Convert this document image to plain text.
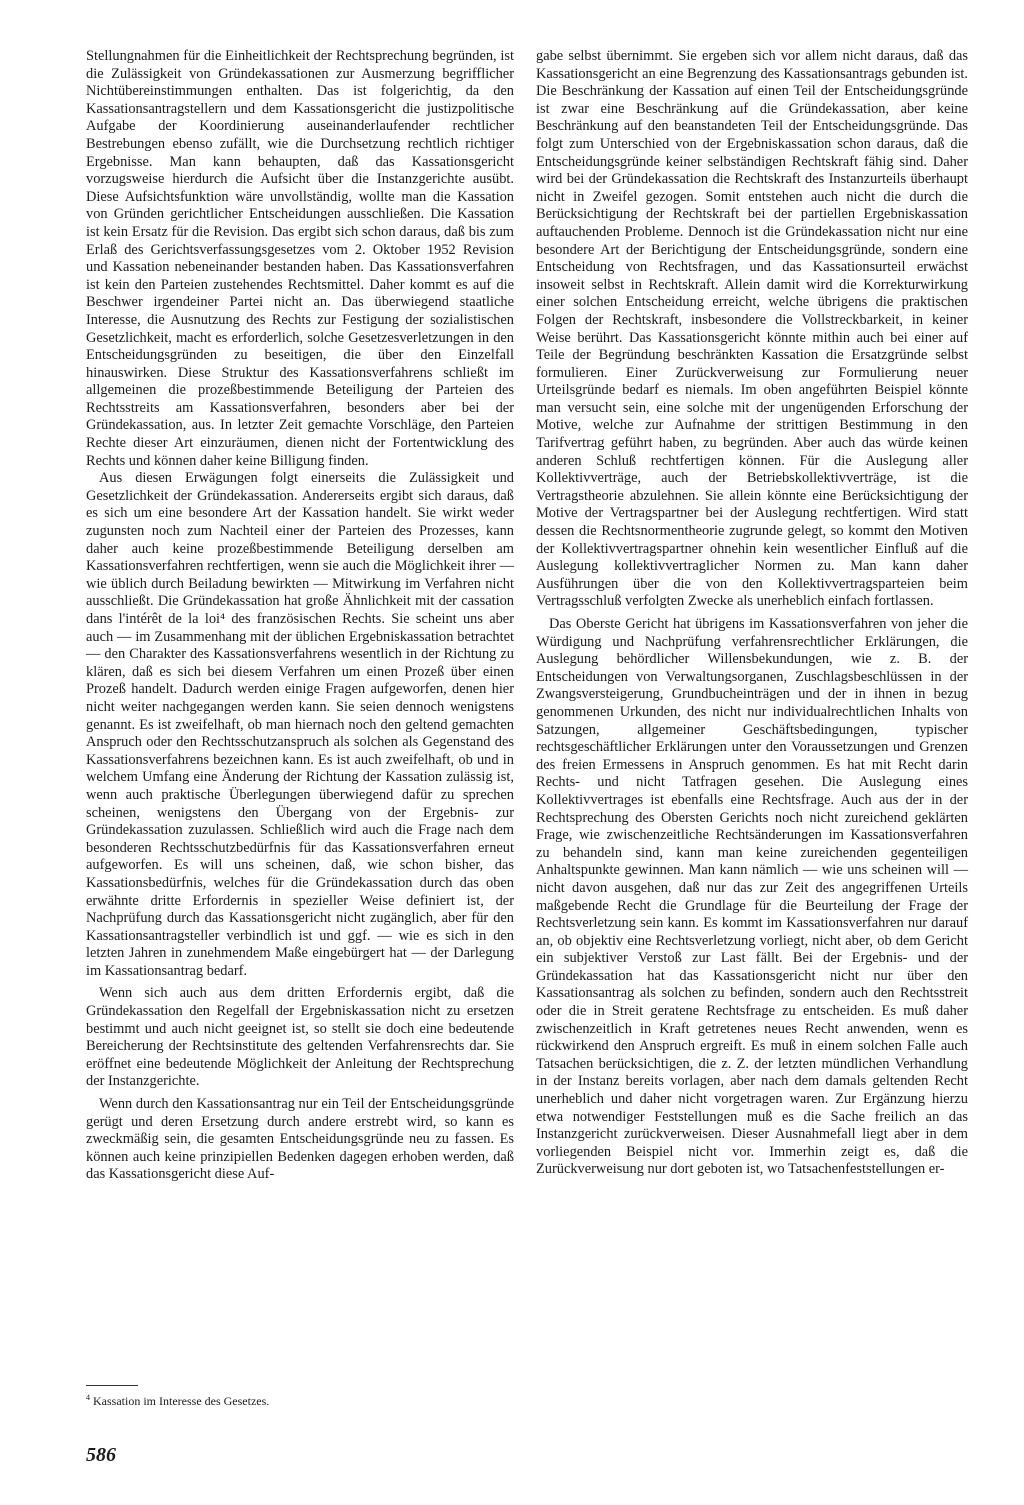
Stellungnahmen für die Einheitlichkeit der Rechtsprechung begründen, ist die Zulässigkeit von Gründekassationen zur Ausmerzung begrifflicher Nichtübereinstimmungen enthalten. Das ist folgerichtig, da den Kassationsantragstellern und dem Kassationsgericht die justizpolitische Aufgabe der Koordinierung auseinanderlaufender rechtlicher Bestrebungen ebenso zufällt, wie die Durchsetzung rechtlich richtiger Ergebnisse. Man kann behaupten, daß das Kassationsgericht vorzugsweise hierdurch die Aufsicht über die Instanzgerichte ausübt. Diese Aufsichtsfunktion wäre unvollständig, wollte man die Kassation von Gründen gerichtlicher Entscheidungen ausschließen. Die Kassation ist kein Ersatz für die Revision. Das ergibt sich schon daraus, daß bis zum Erlaß des Gerichtsverfassungsgesetzes vom 2. Oktober 1952 Revision und Kassation nebeneinander bestanden haben. Das Kassationsverfahren ist kein den Parteien zustehendes Rechtsmittel. Daher kommt es auf die Beschwer irgendeiner Partei nicht an. Das überwiegend staatliche Interesse, die Ausnutzung des Rechts zur Festigung der sozialistischen Gesetzlichkeit, macht es erforderlich, solche Gesetzesverletzungen in den Entscheidungsgründen zu beseitigen, die über den Einzelfall hinauswirken. Diese Struktur des Kassationsverfahrens schließt im allgemeinen die prozeßbestimmende Beteiligung der Parteien des Rechtsstreits am Kassationsverfahren, besonders aber bei der Gründekassation, aus. In letzter Zeit gemachte Vorschläge, den Parteien Rechte dieser Art einzuräumen, dienen nicht der Fortentwicklung des Rechts und können daher keine Billigung finden.

Aus diesen Erwägungen folgt einerseits die Zulässigkeit und Gesetzlichkeit der Gründekassation. Andererseits ergibt sich daraus, daß es sich um eine besondere Art der Kassation handelt. Sie wirkt weder zugunsten noch zum Nachteil einer der Parteien des Prozesses, kann daher auch keine prozeßbestimmende Beteiligung derselben am Kassationsverfahren rechtfertigen, wenn sie auch die Möglichkeit ihrer — wie üblich durch Beiladung bewirkten — Mitwirkung im Verfahren nicht ausschließt. Die Gründekassation hat große Ähnlichkeit mit der cassation dans l'intérêt de la loi⁴ des französischen Rechts. Sie scheint uns aber auch — im Zusammenhang mit der üblichen Ergebniskassation betrachtet — den Charakter des Kassationsverfahrens wesentlich in der Richtung zu klären, daß es sich bei diesem Verfahren um einen Prozeß über einen Prozeß handelt. Dadurch werden einige Fragen aufgeworfen, denen hier nicht weiter nachgegangen werden kann. Sie seien dennoch wenigstens genannt. Es ist zweifelhaft, ob man hiernach noch den geltend gemachten Anspruch oder den Rechtsschutzanspruch als solchen als Gegenstand des Kassationsverfahrens bezeichnen kann. Es ist auch zweifelhaft, ob und in welchem Umfang eine Änderung der Richtung der Kassation zulässig ist, wenn auch praktische Überlegungen überwiegend dafür zu sprechen scheinen, wenigstens den Übergang von der Ergebnis- zur Gründekassation zuzulassen. Schließlich wird auch die Frage nach dem besonderen Rechtsschutzbedürfnis für das Kassationsverfahren erneut aufgeworfen. Es will uns scheinen, daß, wie schon bisher, das Kassationsbedürfnis, welches für die Gründekassation durch das oben erwähnte dritte Erfordernis in spezieller Weise definiert ist, der Nachprüfung durch das Kassationsgericht nicht zugänglich, aber für den Kassationsantragsteller verbindlich ist und ggf. — wie es sich in den letzten Jahren in zunehmendem Maße eingebürgert hat — der Darlegung im Kassationsantrag bedarf.

Wenn sich auch aus dem dritten Erfordernis ergibt, daß die Gründekassation den Regelfall der Ergebniskassation nicht zu ersetzen bestimmt und auch nicht geeignet ist, so stellt sie doch eine bedeutende Bereicherung der Rechtsinstitute des geltenden Verfahrensrechts dar. Sie eröffnet eine bedeutende Möglichkeit der Anleitung der Rechtsprechung der Instanzgerichte.

Wenn durch den Kassationsantrag nur ein Teil der Entscheidungsgründe gerügt und deren Ersetzung durch andere erstrebt wird, so kann es zweckmäßig sein, die gesamten Entscheidungsgründe neu zu fassen. Es können auch keine prinzipiellen Bedenken dagegen erhoben werden, daß das Kassationsgericht diese Auf-

gabe selbst übernimmt. Sie ergeben sich vor allem nicht daraus, daß das Kassationsgericht an eine Begrenzung des Kassationsantrags gebunden ist. Die Beschränkung der Kassation auf einen Teil der Entscheidungsgründe ist zwar eine Beschränkung auf die Gründekassation, aber keine Beschränkung auf den beanstandeten Teil der Entscheidungsgründe. Das folgt zum Unterschied von der Ergebniskassation schon daraus, daß die Entscheidungsgründe keiner selbständigen Rechtskraft fähig sind. Daher wird bei der Gründekassation die Rechtskraft des Instanzurteils überhaupt nicht in Zweifel gezogen. Somit entstehen auch nicht die durch die Berücksichtigung der Rechtskraft bei der partiellen Ergebniskassation auftauchenden Probleme. Dennoch ist die Gründekassation nicht nur eine besondere Art der Berichtigung der Entscheidungsgründe, sondern eine Entscheidung von Rechtsfragen, und das Kassationsurteil erwächst insoweit selbst in Rechtskraft. Allein damit wird die Korrekturwirkung einer solchen Entscheidung erreicht, welche übrigens die praktischen Folgen der Rechtskraft, insbesondere die Vollstreckbarkeit, in keiner Weise berührt. Das Kassationsgericht könnte mithin auch bei einer auf Teile der Begründung beschränkten Kassation die Ersatzgründe selbst formulieren. Einer Zurückverweisung zur Formulierung neuer Urteilsgründe bedarf es niemals. Im oben angeführten Beispiel könnte man versucht sein, eine solche mit der ungenügenden Erforschung der Motive, welche zur Aufnahme der strittigen Bestimmung in den Tarifvertrag geführt haben, zu begründen. Aber auch das würde keinen anderen Schluß rechtfertigen können. Für die Auslegung aller Kollektivverträge, auch der Betriebskollektivverträge, ist die Vertragstheorie abzulehnen. Sie allein könnte eine Berücksichtigung der Motive der Vertragspartner bei der Auslegung rechtfertigen. Wird statt dessen die Rechtsnormentheorie zugrunde gelegt, so kommt den Motiven der Kollektivvertragspartner ohnehin kein wesentlicher Einfluß auf die Auslegung kollektivvertraglicher Normen zu. Man kann daher Ausführungen über die von den Kollektivvertragsparteien beim Vertragsschluß verfolgten Zwecke als unerheblich einfach fortlassen.

Das Oberste Gericht hat übrigens im Kassationsverfahren von jeher die Würdigung und Nachprüfung verfahrensrechtlicher Erklärungen, die Auslegung behördlicher Willensbekundungen, wie z. B. der Entscheidungen von Verwaltungsorganen, Zuschlagsbeschlüssen in der Zwangsversteigerung, Grundbucheinträgen und der in ihnen in bezug genommenen Urkunden, des nicht nur individualrechtlichen Inhalts von Satzungen, allgemeiner Geschäftsbedingungen, typischer rechtsgeschäftlicher Erklärungen unter den Voraussetzungen und Grenzen des freien Ermessens in Anspruch genommen. Es hat mit Recht darin Rechts- und nicht Tatfragen gesehen. Die Auslegung eines Kollektivvertrages ist ebenfalls eine Rechtsfrage. Auch aus der in der Rechtsprechung des Obersten Gerichts noch nicht zureichend geklärten Frage, wie zwischenzeitliche Rechtsänderungen im Kassationsverfahren zu behandeln sind, kann man keine zureichenden gegenteiligen Anhaltspunkte gewinnen. Man kann nämlich — wie uns scheinen will — nicht davon ausgehen, daß nur das zur Zeit des angegriffenen Urteils maßgebende Recht die Grundlage für die Beurteilung der Frage der Rechtsverletzung sein kann. Es kommt im Kassationsverfahren nur darauf an, ob objektiv eine Rechtsverletzung vorliegt, nicht aber, ob dem Gericht ein subjektiver Verstoß zur Last fällt. Bei der Ergebnis- und der Gründekassation hat das Kassationsgericht nicht nur über den Kassationsantrag als solchen zu befinden, sondern auch den Rechtsstreit oder die in Streit geratene Rechtsfrage zu entscheiden. Es muß daher zwischenzeitlich in Kraft getretenes neues Recht anwenden, wenn es rückwirkend den Anspruch ergreift. Es muß in einem solchen Falle auch Tatsachen berücksichtigen, die z. Z. der letzten mündlichen Verhandlung in der Instanz bereits vorlagen, aber nach dem damals geltenden Recht unerheblich und daher nicht vorgetragen waren. Zur Ergänzung hierzu etwa notwendiger Feststellungen muß es die Sache freilich an das Instanzgericht zurückverweisen. Dieser Ausnahmefall liegt aber in dem vorliegenden Beispiel nicht vor. Immerhin zeigt es, daß die Zurückverweisung nur dort geboten ist, wo Tatsachenfeststellungen er-

$^4$ Kassation im Interesse des Gesetzes.
586
